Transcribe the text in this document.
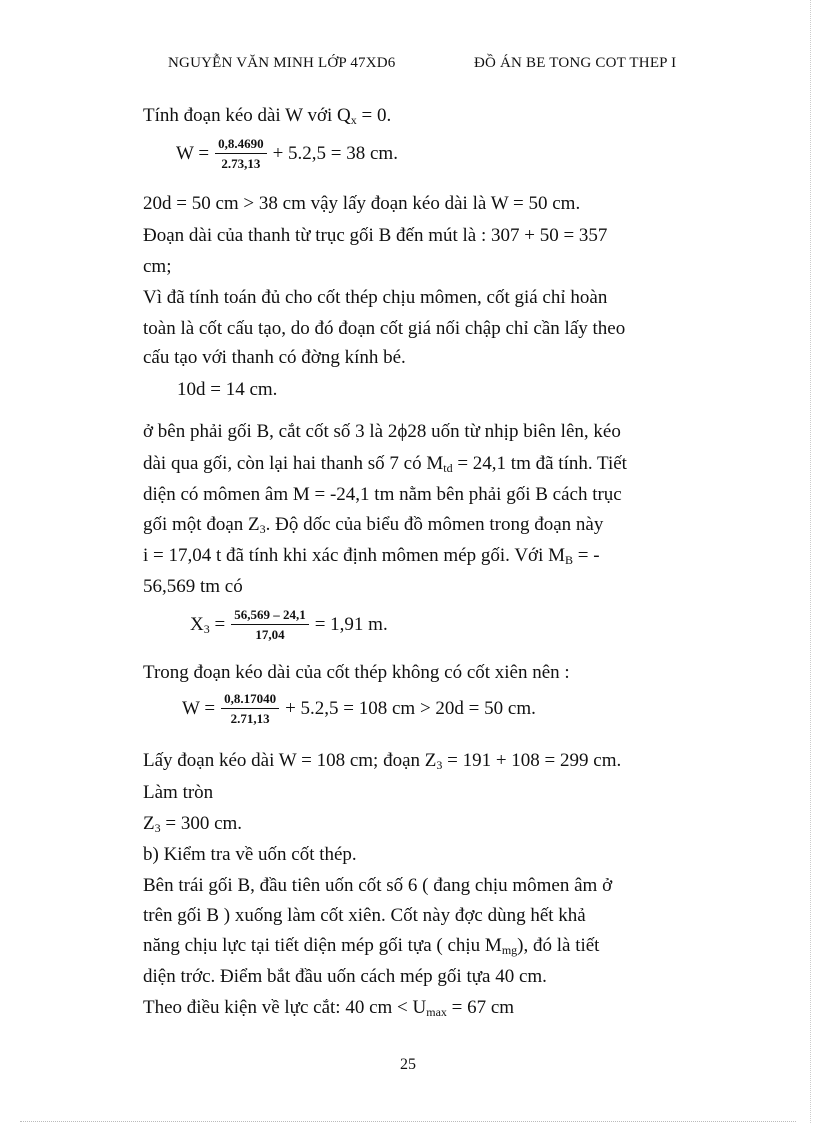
NGUYỄN VĂN MINH LỚP 47XD6	ĐỒ ÁN BE TONG COT THEP I
Tính đoạn kéo dài W với $Q_x = 0$.
$W = \frac{0,8.4690}{2.73,13} + 5.2,5 = 38$ cm.
20d = 50 cm > 38 cm vậy lấy đoạn kéo dài là W = 50 cm.
Đoạn dài của thanh từ trục gối B đến mút là : 307 + 50 = 357
cm;
Vì đã tính toán đủ cho cốt thép chịu mômen, cốt giá chỉ hoàn
toàn là cốt cấu tạo, do đó đoạn cốt giá nối chập chỉ cần lấy theo
cấu tạo với thanh có đờng kính bé.
10d = 14 cm.
ở bên phải gối B, cắt cốt số 3 là 2ϕ28 uốn từ nhịp biên lên, kéo
dài qua gối, còn lại hai thanh số 7 có $M_{td} = 24,1$ tm đã tính. Tiết
diện có mômen âm M = -24,1 tm nằm bên phải gối B cách trục
gối một đoạn $Z_3$. Độ dốc của biểu đồ mômen trong đoạn này
i = 17,04 t đã tính khi xác định mômen mép gối. Với $M_B$ = -
56,569 tm có
$X_3 = \frac{56,569 - 24,1}{17,04} = 1,91$ m.
Trong đoạn kéo dài của cốt thép không có cốt xiên nên :
$W = \frac{0,8.17040}{2.71,13} + 5.2,5 = 108$ cm > 20d = 50 cm.
Lấy đoạn kéo dài W = 108 cm; đoạn $Z_3 = 191 + 108 = 299$ cm.
Làm tròn
$Z_3 = 300$ cm.
b) Kiểm tra về uốn cốt thép.
Bên trái gối B, đầu tiên uốn cốt số 6 ( đang chịu mômen âm ở
trên gối B ) xuống làm cốt xiên. Cốt này đợc dùng hết khả
năng chịu lực tại tiết diện mép gối tựa ( chịu $M_{mg}$), đó là tiết
diện trớc. Điểm bắt đầu uốn cách mép gối tựa 40 cm.
Theo điều kiện về lực cắt: 40 cm < $U_{max} = 67$ cm
25
